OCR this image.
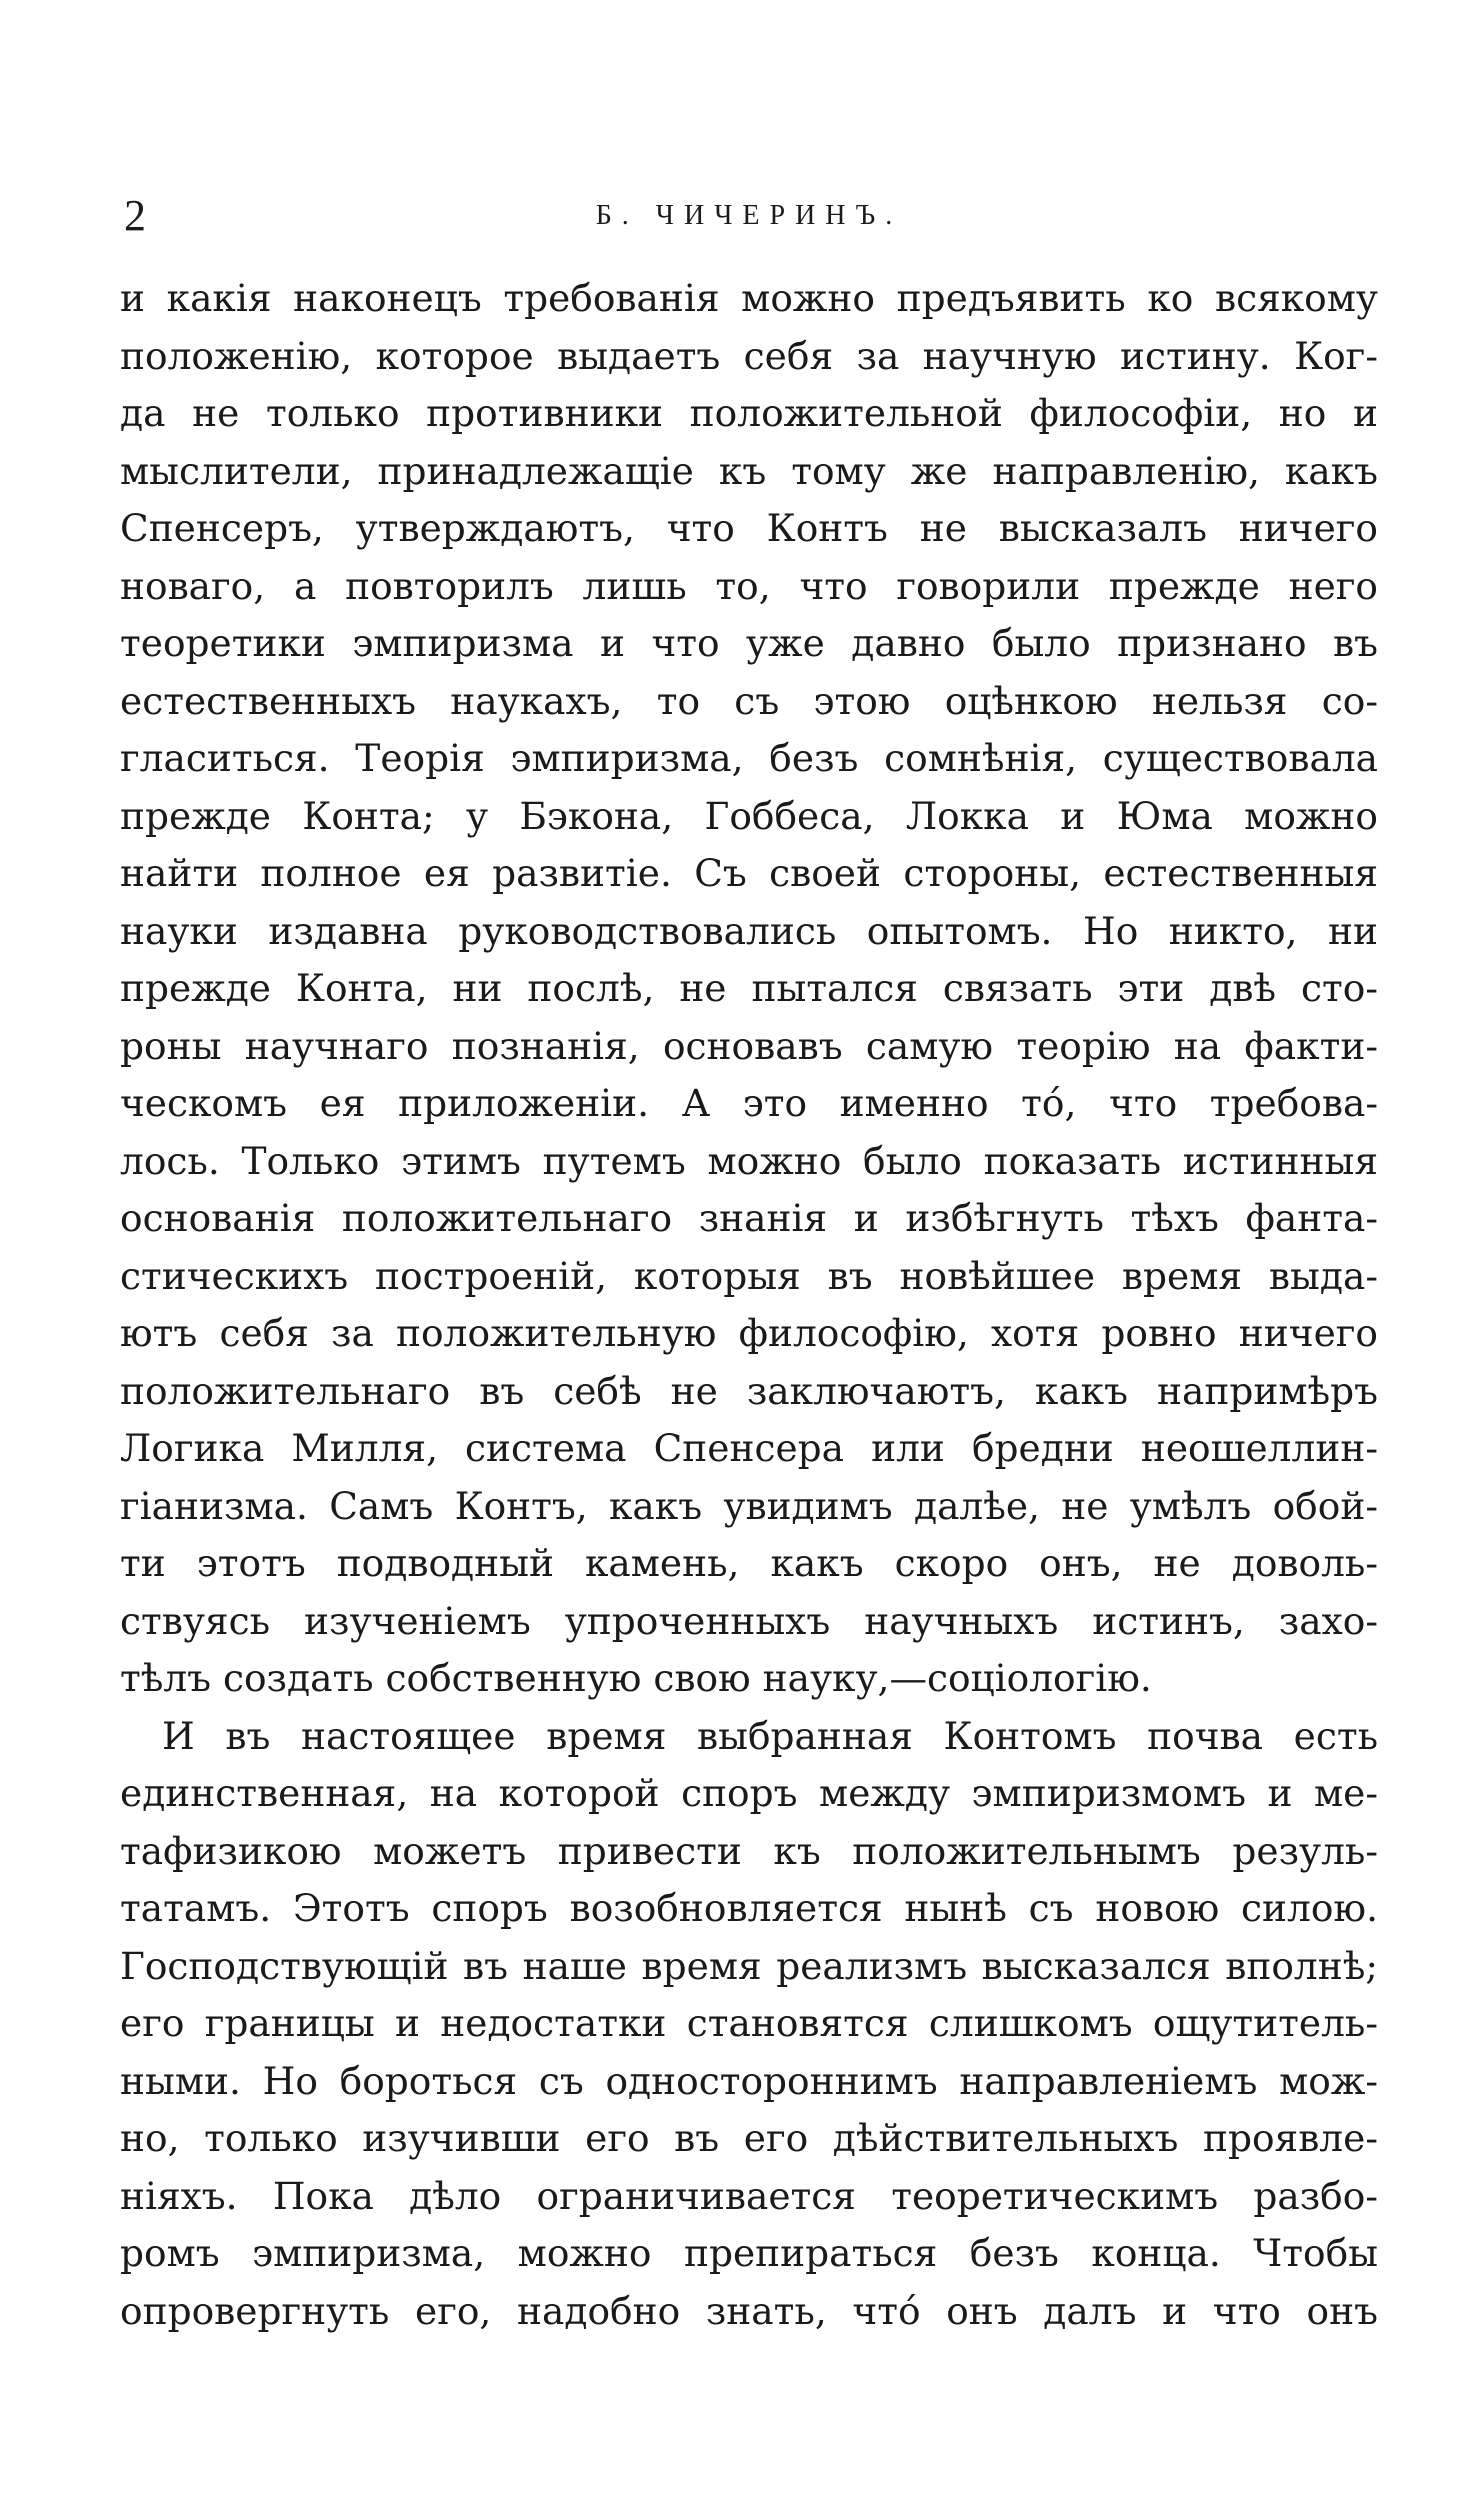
2	Б. ЧИЧЕРИНЪ.
и какія наконецъ требованія можно предъявить ко всякому
положенію, которое выдаетъ себя за научную истину. Ког-
да не только противники положительной философіи, но и
мыслители, принадлежащіе къ тому же направленію, какъ
Спенсеръ, утверждаютъ, что Контъ не высказалъ ничего
новаго, а повторилъ лишь то, что говорили прежде него
теоретики эмпиризма и что уже давно было признано въ
естественныхъ наукахъ, то съ этою оцѣнкою нельзя со-
гласиться. Теорія эмпиризма, безъ сомнѣнія, существовала
прежде Конта; у Бэкона, Гоббеса, Локка и Юма можно
найти полное ея развитіе. Съ своей стороны, естественныя
науки издавна руководствовались опытомъ. Но никто, ни
прежде Конта, ни послѣ, не пытался связать эти двѣ сто-
роны научнаго познанія, основавъ самую теорію на факти-
ческомъ ея приложеніи. А это именно то́, что требова-
лось. Только этимъ путемъ можно было показать истинныя
основанія положительнаго знанія и избѣгнуть тѣхъ фанта-
стическихъ построеній, которыя въ новѣйшее время выда-
ютъ себя за положительную философію, хотя ровно ничего
положительнаго въ себѣ не заключаютъ, какъ напримѣръ
Логика Милля, система Спенсера или бредни неошеллин-
гіанизма. Самъ Контъ, какъ увидимъ далѣе, не умѣлъ обой-
ти этотъ подводный камень, какъ скоро онъ, не доволь-
ствуясь изученіемъ упроченныхъ научныхъ истинъ, захо-
тѣлъ создать собственную свою науку,—соціологію.
И въ настоящее время выбранная Контомъ почва есть
единственная, на которой споръ между эмпиризмомъ и ме-
тафизикою можетъ привести къ положительнымъ резуль-
татамъ. Этотъ споръ возобновляется нынѣ съ новою силою.
Господствующій въ наше время реализмъ высказался вполнѣ;
его границы и недостатки становятся слишкомъ ощутитель-
ными. Но бороться съ одностороннимъ направленіемъ мож-
но, только изучивши его въ его дѣйствительныхъ проявле-
ніяхъ. Пока дѣло ограничивается теоретическимъ разбо-
ромъ эмпиризма, можно препираться безъ конца. Чтобы
опровергнуть его, надобно знать, что́ онъ далъ и что онъ
